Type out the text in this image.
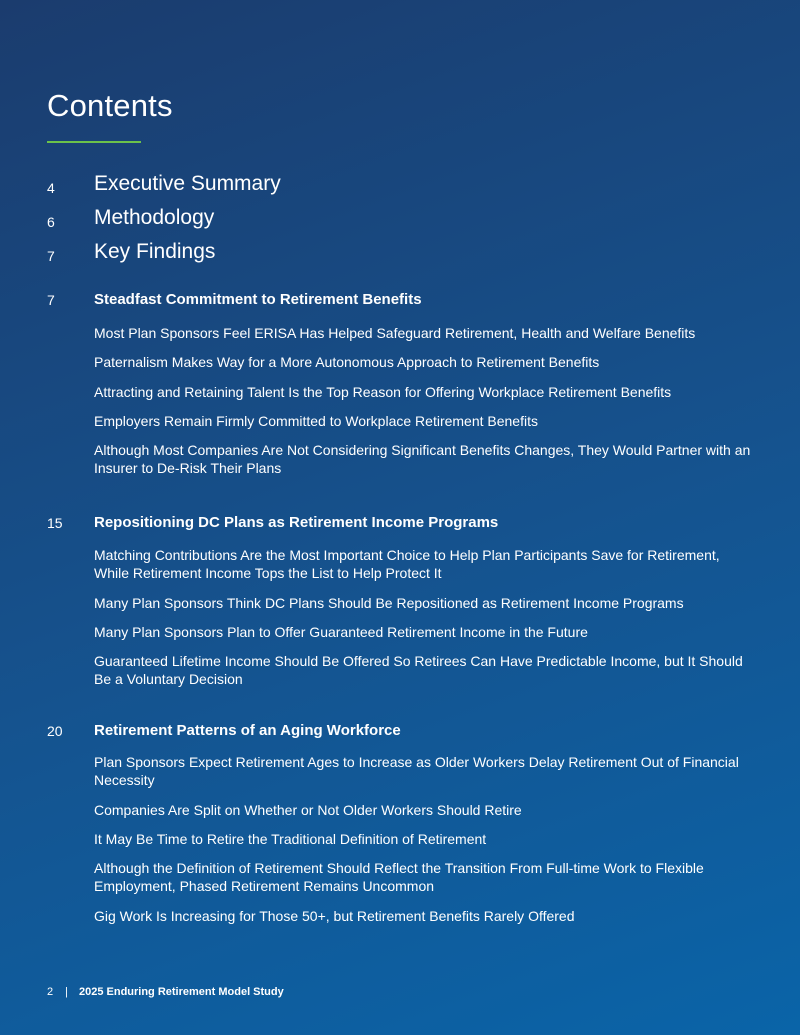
Contents
4 Executive Summary
6 Methodology
7 Key Findings
7	Steadfast Commitment to Retirement Benefits
Most Plan Sponsors Feel ERISA Has Helped Safeguard Retirement, Health and Welfare Benefits
Paternalism Makes Way for a More Autonomous Approach to Retirement Benefits
Attracting and Retaining Talent Is the Top Reason for Offering Workplace Retirement Benefits
Employers Remain Firmly Committed to Workplace Retirement Benefits
Although Most Companies Are Not Considering Significant Benefits Changes, They Would Partner with an Insurer to De-Risk Their Plans
15 Repositioning DC Plans as Retirement Income Programs
Matching Contributions Are the Most Important Choice to Help Plan Participants Save for Retirement, While Retirement Income Tops the List to Help Protect It
Many Plan Sponsors Think DC Plans Should Be Repositioned as Retirement Income Programs
Many Plan Sponsors Plan to Offer Guaranteed Retirement Income in the Future
Guaranteed Lifetime Income Should Be Offered So Retirees Can Have Predictable Income, but It Should Be a Voluntary Decision
20 Retirement Patterns of an Aging Workforce
Plan Sponsors Expect Retirement Ages to Increase as Older Workers Delay Retirement Out of Financial Necessity
Companies Are Split on Whether or Not Older Workers Should Retire
It May Be Time to Retire the Traditional Definition of Retirement
Although the Definition of Retirement Should Reflect the Transition From Full-time Work to Flexible Employment, Phased Retirement Remains Uncommon
Gig Work Is Increasing for Those 50+, but Retirement Benefits Rarely Offered
2 | 2025 Enduring Retirement Model Study
